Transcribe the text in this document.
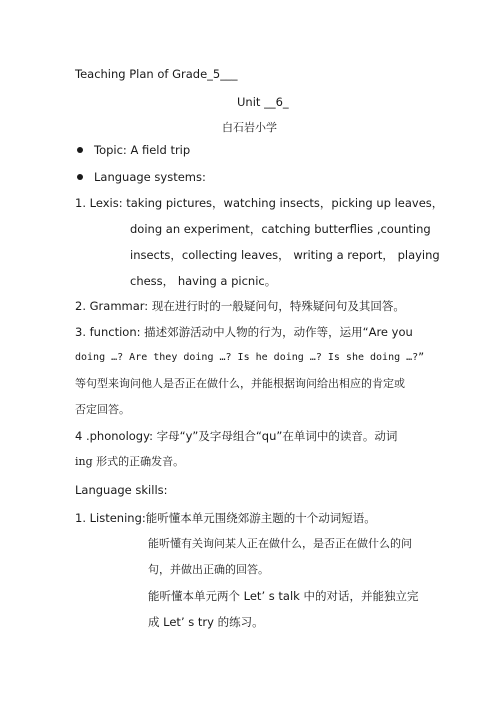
Teaching Plan of Grade_5___
Unit __6_
白石岩小学
Topic: A field trip
Language systems:
1. Lexis: taking pictures，watching insects，picking up leaves，
doing an experiment，catching butterflies ,counting
insects，collecting leaves， writing a report， playing
chess， having a picnic。
2. Grammar: 现在进行时的一般疑问句，特殊疑问句及其回答。
3. function: 描述郊游活动中人物的行为，动作等，运用“Are you
doing …? Are they doing …? Is he doing …? Is she doing …?”
等句型来询问他人是否正在做什么，并能根据询问给出相应的肯定或
否定回答。
4 .phonology: 字母“y”及字母组合“qu”在单词中的读音。动词
ing 形式的正确发音。
Language skills:
1. Listening:能听懂本单元围绕郊游主题的十个动词短语。
能听懂有关询问某人正在做什么，是否正在做什么的问
句，并做出正确的回答。
能听懂本单元两个 Let’ s talk 中的对话，并能独立完
成 Let’ s try 的练习。
